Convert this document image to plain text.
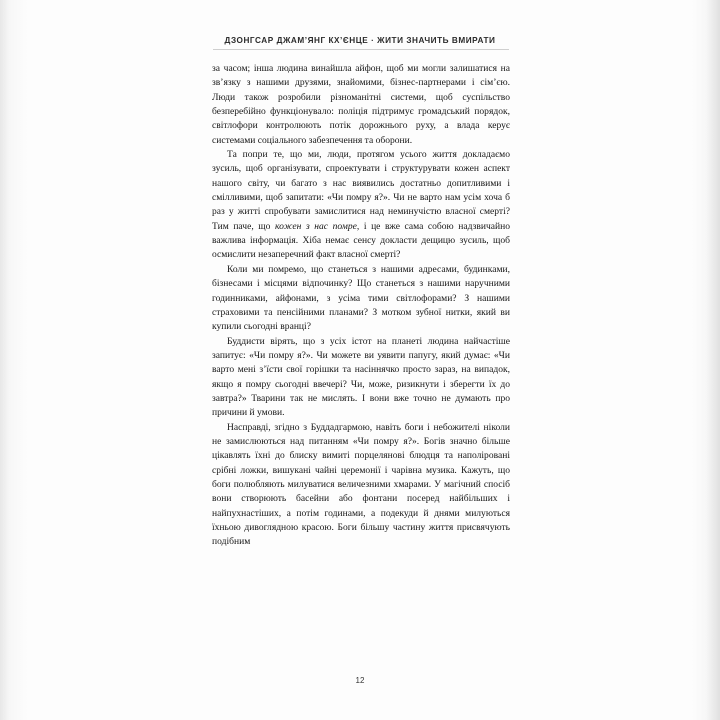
ДЗОНГСАР ДЖАМ’ЯНГ КХ’ЄНЦЕ · ЖИТИ ЗНАЧИТЬ ВМИРАТИ

за часом; інша людина винайшла айфон, щоб ми могли залишатися на зв’язку з нашими друзями, знайомими, бізнес-партнерами і сім’єю. Люди також розробили різноманітні системи, щоб суспільство безперебійно функціонувало: поліція підтримує громадський порядок, світлофори контролюють потік дорожнього руху, а влада керує системами соціального забезпечення та оборони.

Та попри те, що ми, люди, протягом усього життя докладаємо зусиль, щоб організувати, спроектувати і структурувати кожен аспект нашого світу, чи багато з нас виявились достатньо допитливими і смілливими, щоб запитати: «Чи помру я?». Чи не варто нам усім хоча б раз у житті спробувати замислитися над неминучістю власної смерті? Тим паче, що кожен з нас помре, і це вже сама собою надзвичайно важлива інформація. Хіба немає сенсу докласти дещицю зусиль, щоб осмислити незаперечний факт власної смерті?

Коли ми помремо, що станеться з нашими адресами, будинками, бізнесами і місцями відпочинку? Що станеться з нашими наручними годинниками, айфонами, з усіма тими світлофорами? З нашими страховими та пенсійними планами? З мотком зубної нитки, який ви купили сьогодні вранці?

Буддисти вірять, що з усіх істот на планеті людина найчастіше запитує: «Чи помру я?». Чи можете ви уявити папугу, який думає: «Чи варто мені з’їсти свої горішки та насіннячко просто зараз, на випадок, якщо я помру сьогодні ввечері? Чи, може, ризикнути і зберегти їх до завтра?» Тварини так не мислять. І вони вже точно не думають про причини й умови.

Насправді, згідно з Буддадгармою, навіть боги і небожителі ніколи не замислюються над питанням «Чи помру я?». Богів значно більше цікавлять їхні до блиску вимиті порцелянові блюдця та наполіровані срібні ложки, вишукані чайні церемонії і чарівна музика. Кажуть, що боги полюбляють милуватися величезними хмарами. У магічний спосіб вони створюють басейни або фонтани посеред найбільших і найпухнастіших, а потім годинами, а подекуди й днями милуються їхньою дивоглядною красою. Боги більшу частину життя присвячують подібним

12
